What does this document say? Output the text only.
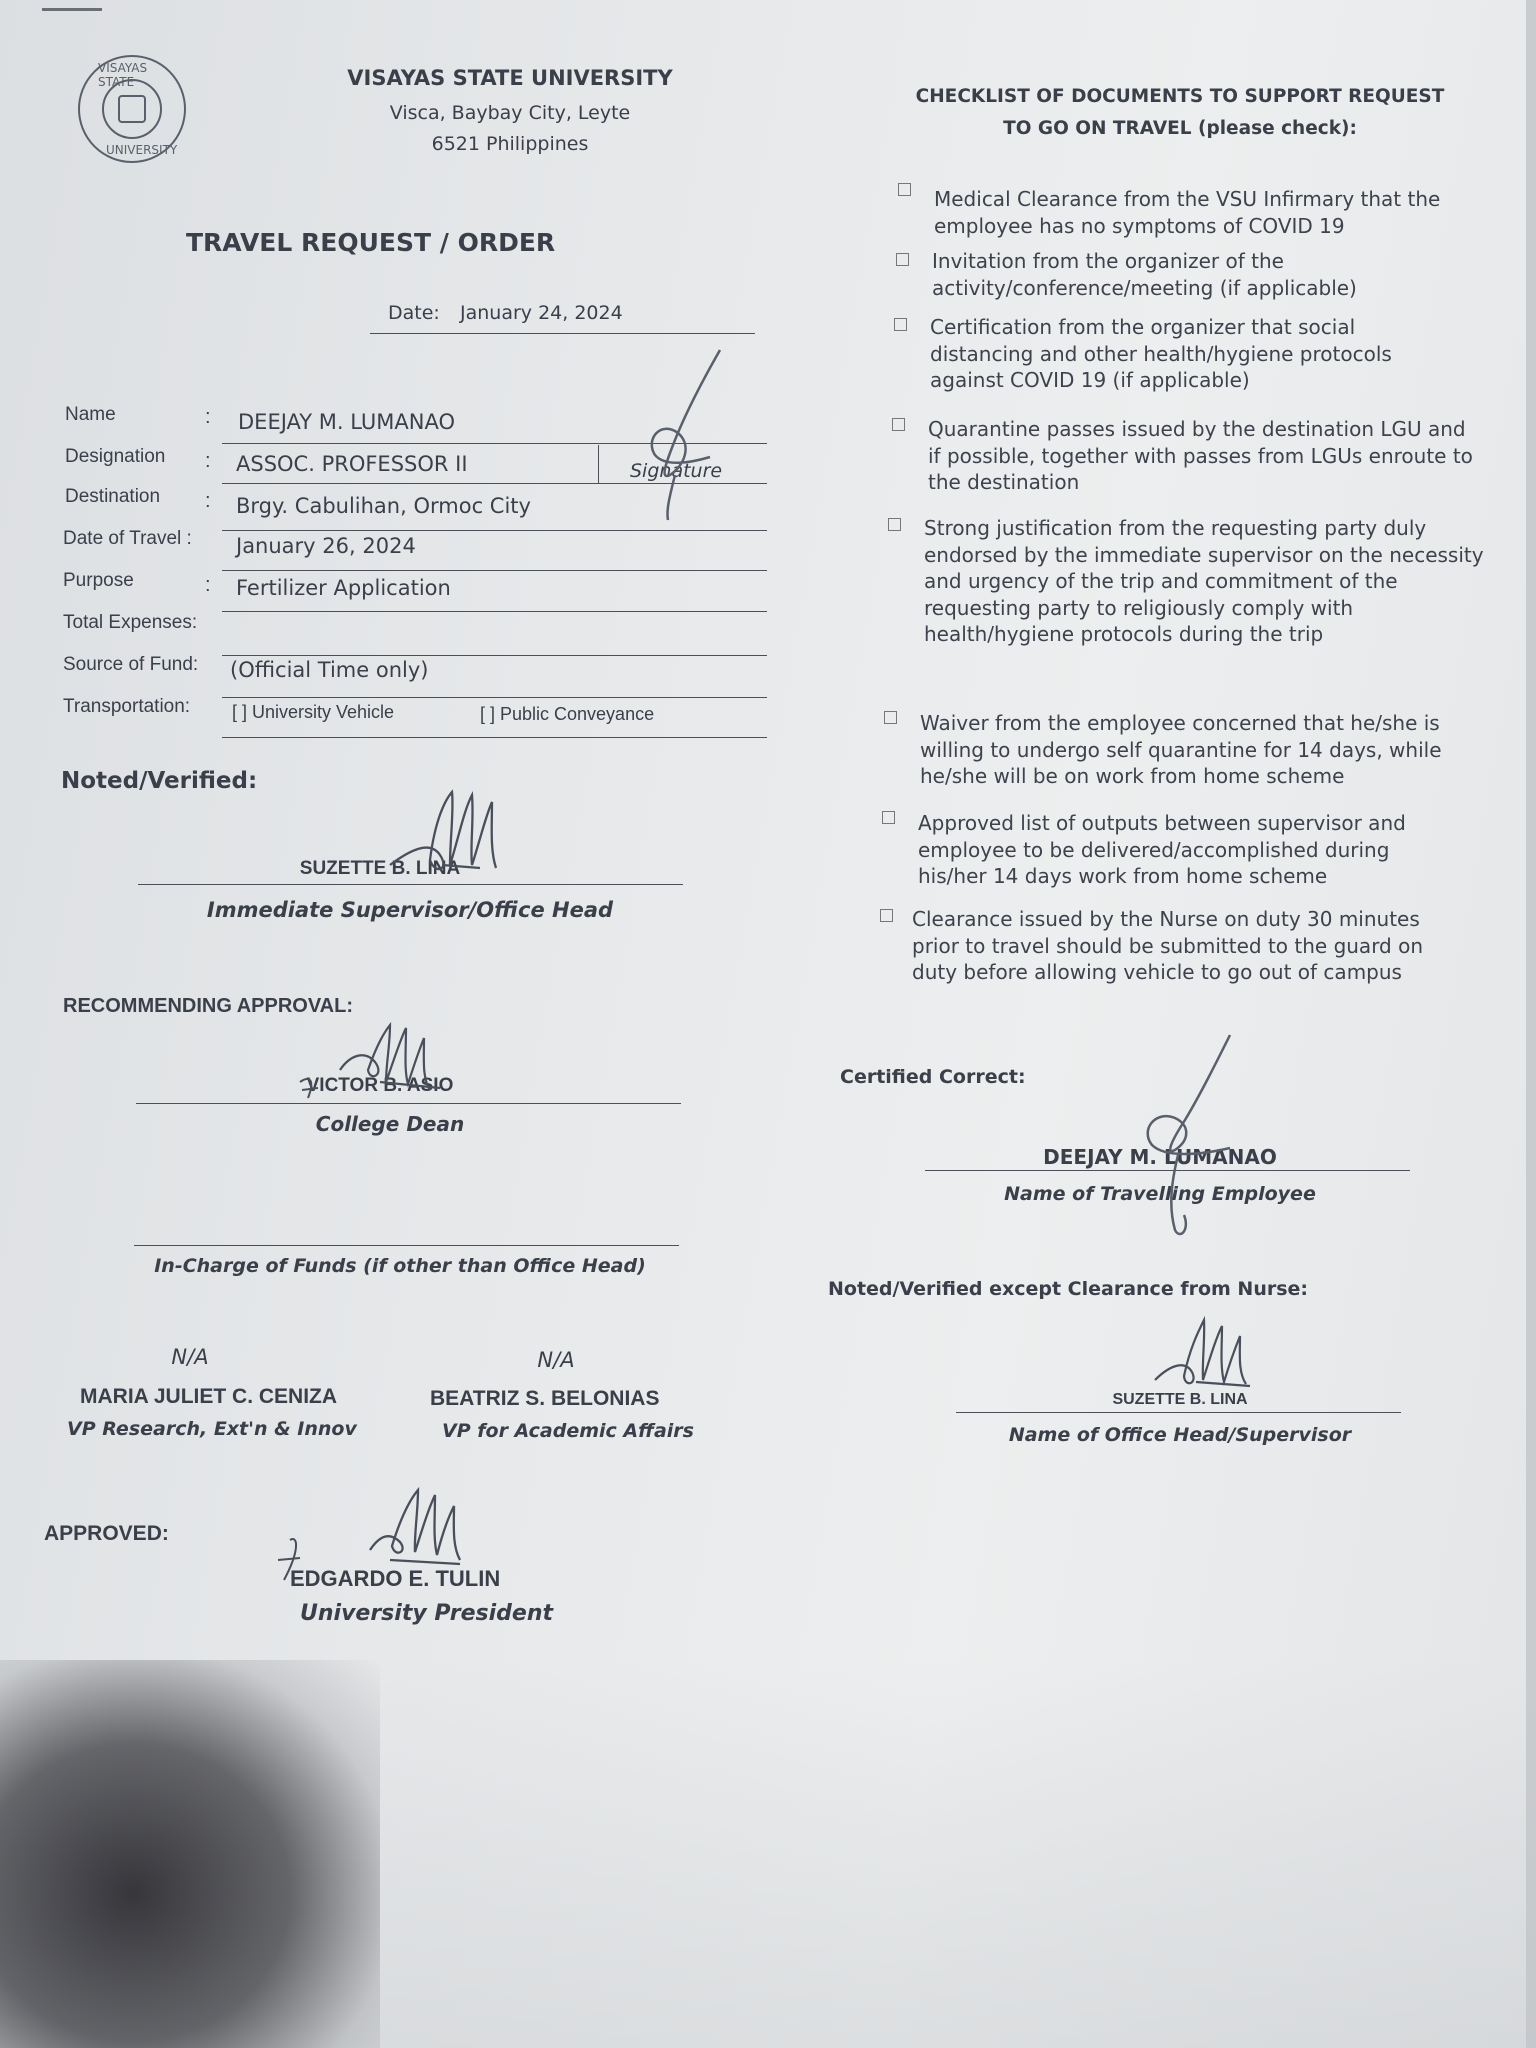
VISAYAS STATE
UNIVERSITY
VISAYAS STATE UNIVERSITY
Visca, Baybay City, Leyte
6521 Philippines
TRAVEL REQUEST / ORDER
Date: January 24, 2024
Name	: DEEJAY M. LUMANAO
Designation : ASSOC. PROFESSOR II	Signature
Destination : Brgy. Cabulihan, Ormoc City
Date of Travel : January 26, 2024
Purpose	: Fertilizer Application
Total Expenses:
Source of Fund: (Official Time only)
Transportation: [ ] University Vehicle	[ ] Public Conveyance
Noted/Verified:
SUZETTE B. LINA
Immediate Supervisor/Office Head
RECOMMENDING APPROVAL:
VICTOR B. ASIO
College Dean
In-Charge of Funds (if other than Office Head)
N/A
MARIA JULIET C. CENIZA
VP Research, Ext'n & Innov
N/A
BEATRIZ S. BELONIAS
VP for Academic Affairs
APPROVED:
EDGARDO E. TULIN
University President
CHECKLIST OF DOCUMENTS TO SUPPORT REQUEST
TO GO ON TRAVEL (please check):
Medical Clearance from the VSU Infirmary that the employee has no symptoms of COVID 19
Invitation from the organizer of the activity/conference/meeting (if applicable)
Certification from the organizer that social distancing and other health/hygiene protocols against COVID 19 (if applicable)
Quarantine passes issued by the destination LGU and if possible, together with passes from LGUs enroute to the destination
Strong justification from the requesting party duly endorsed by the immediate supervisor on the necessity and urgency of the trip and commitment of the requesting party to religiously comply with health/hygiene protocols during the trip
Waiver from the employee concerned that he/she is willing to undergo self quarantine for 14 days, while he/she will be on work from home scheme
Approved list of outputs between supervisor and employee to be delivered/accomplished during his/her 14 days work from home scheme
Clearance issued by the Nurse on duty 30 minutes prior to travel should be submitted to the guard on duty before allowing vehicle to go out of campus
Certified Correct:
DEEJAY M. LUMANAO
Name of Travelling Employee
Noted/Verified except Clearance from Nurse:
SUZETTE B. LINA
Name of Office Head/Supervisor
